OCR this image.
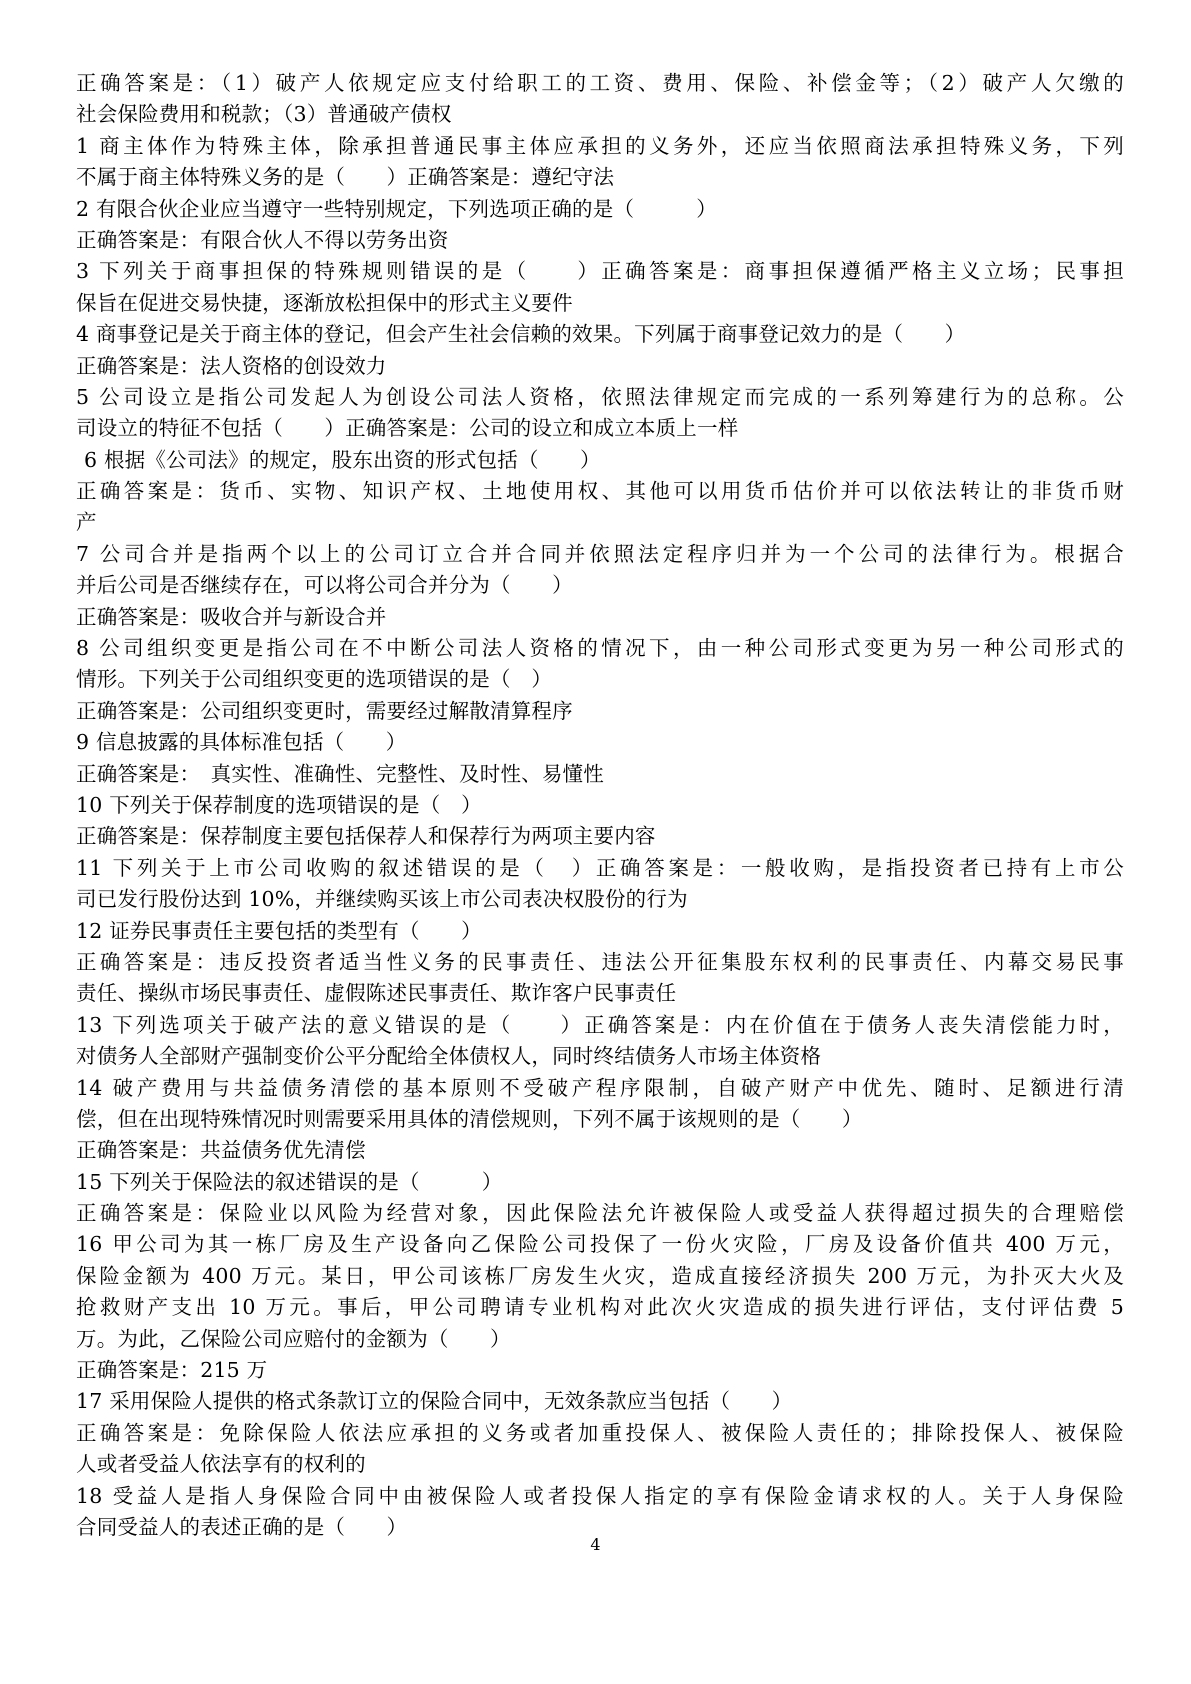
正确答案是：（1）破产人依规定应支付给职工的工资、费用、保险、补偿金等；（2）破产人欠缴的
社会保险费用和税款；（3）普通破产债权
1 商主体作为特殊主体，除承担普通民事主体应承担的义务外，还应当依照商法承担特殊义务，下列
不属于商主体特殊义务的是（　　）正确答案是：遵纪守法
2 有限合伙企业应当遵守一些特别规定，下列选项正确的是（　　　）
正确答案是：有限合伙人不得以劳务出资
3 下列关于商事担保的特殊规则错误的是（　　）正确答案是：商事担保遵循严格主义立场；民事担
保旨在促进交易快捷，逐渐放松担保中的形式主义要件
4 商事登记是关于商主体的登记，但会产生社会信赖的效果。下列属于商事登记效力的是（　　）
正确答案是：法人资格的创设效力
5 公司设立是指公司发起人为创设公司法人资格，依照法律规定而完成的一系列筹建行为的总称。公
司设立的特征不包括（　　）正确答案是：公司的设立和成立本质上一样
6 根据《公司法》的规定，股东出资的形式包括（　　）
正确答案是：货币、实物、知识产权、土地使用权、其他可以用货币估价并可以依法转让的非货币财
产
7 公司合并是指两个以上的公司订立合并合同并依照法定程序归并为一个公司的法律行为。根据合
并后公司是否继续存在，可以将公司合并分为（　　）
正确答案是：吸收合并与新设合并
8 公司组织变更是指公司在不中断公司法人资格的情况下，由一种公司形式变更为另一种公司形式的
情形。下列关于公司组织变更的选项错误的是（　）
正确答案是：公司组织变更时，需要经过解散清算程序
9 信息披露的具体标准包括（　　）
正确答案是：　真实性、准确性、完整性、及时性、易懂性
10 下列关于保荐制度的选项错误的是（　）
正确答案是：保荐制度主要包括保荐人和保荐行为两项主要内容
11 下列关于上市公司收购的叙述错误的是（　）正确答案是：一般收购，是指投资者已持有上市公
司已发行股份达到 10%，并继续购买该上市公司表决权股份的行为
12 证券民事责任主要包括的类型有（　　）
正确答案是：违反投资者适当性义务的民事责任、违法公开征集股东权利的民事责任、内幕交易民事
责任、操纵市场民事责任、虚假陈述民事责任、欺诈客户民事责任
13 下列选项关于破产法的意义错误的是（　　）正确答案是：内在价值在于债务人丧失清偿能力时，
对债务人全部财产强制变价公平分配给全体债权人，同时终结债务人市场主体资格
14 破产费用与共益债务清偿的基本原则不受破产程序限制，自破产财产中优先、随时、足额进行清
偿，但在出现特殊情况时则需要采用具体的清偿规则，下列不属于该规则的是（　　）
正确答案是：共益债务优先清偿
15 下列关于保险法的叙述错误的是（　　　）
正确答案是：保险业以风险为经营对象，因此保险法允许被保险人或受益人获得超过损失的合理赔偿
16 甲公司为其一栋厂房及生产设备向乙保险公司投保了一份火灾险，厂房及设备价值共 400 万元，
保险金额为 400 万元。某日，甲公司该栋厂房发生火灾，造成直接经济损失 200 万元，为扑灭大火及
抢救财产支出 10 万元。事后，甲公司聘请专业机构对此次火灾造成的损失进行评估，支付评估费 5
万。为此，乙保险公司应赔付的金额为（　　）
正确答案是：215 万
17 采用保险人提供的格式条款订立的保险合同中，无效条款应当包括（　　）
正确答案是：免除保险人依法应承担的义务或者加重投保人、被保险人责任的；排除投保人、被保险
人或者受益人依法享有的权利的
18 受益人是指人身保险合同中由被保险人或者投保人指定的享有保险金请求权的人。关于人身保险
合同受益人的表述正确的是（　　）
4
